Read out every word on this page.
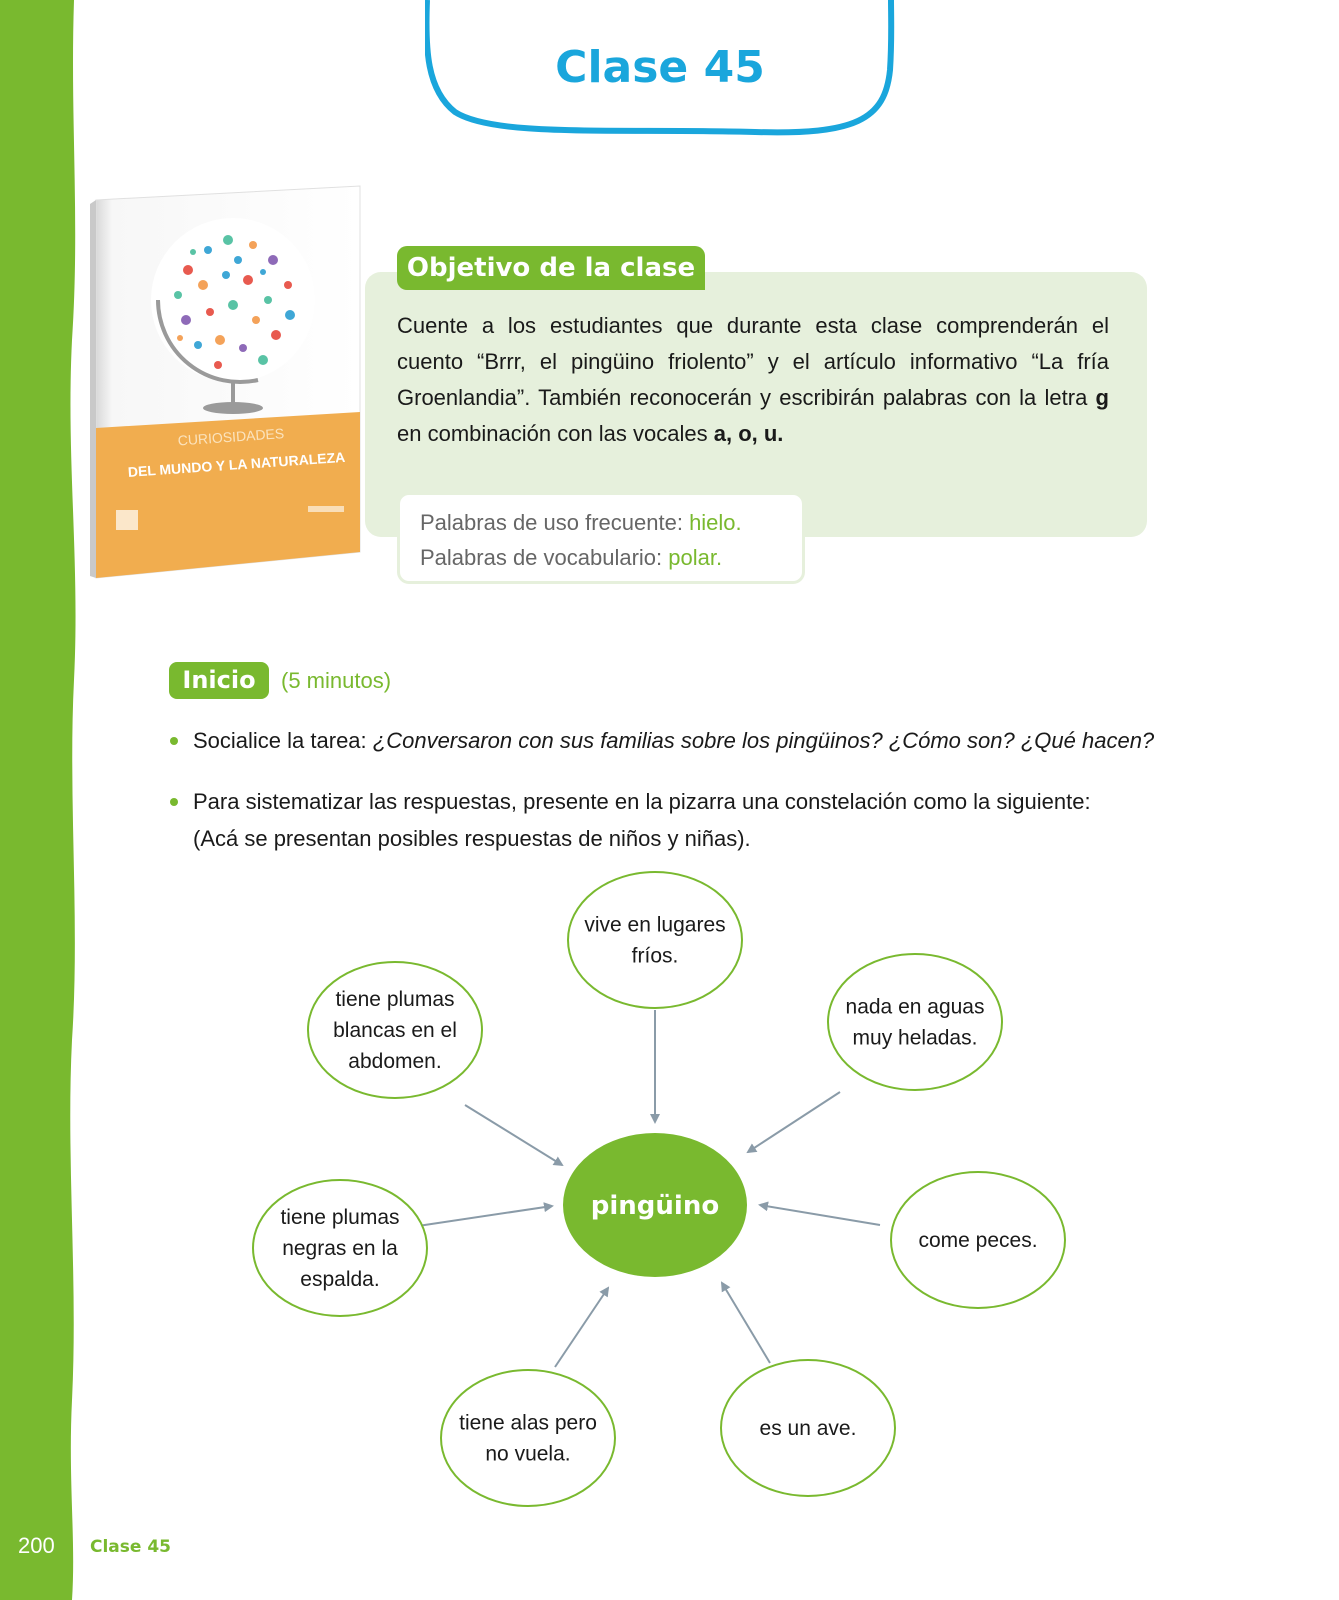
Clase 45
CURIOSIDADES
DEL MUNDO Y LA NATURALEZA
Objetivo de la clase
Cuente a los estudiantes que durante esta clase comprenderán el cuento “Brrr, el pingüino friolento” y el artículo informativo “La fría Groenlandia”. También reconocerán y escribirán palabras con la letra g en combinación con las vocales a, o, u.
Palabras de uso frecuente: hielo.
Palabras de vocabulario: polar.
Inicio	(5 minutos)
Socialice la tarea: ¿Conversaron con sus familias sobre los pingüinos? ¿Cómo son? ¿Qué hacen?
Para sistematizar las respuestas, presente en la pizarra una constelación como la siguiente:
(Acá se presentan posibles respuestas de niños y niñas).
vive en lugares
fríos.
tiene plumas
blancas en el
abdomen.
nada en aguas
muy heladas.
tiene plumas
negras en la
espalda.
come peces.
tiene alas pero
no vuela.
es un ave.
pingüino
200 Clase 45
